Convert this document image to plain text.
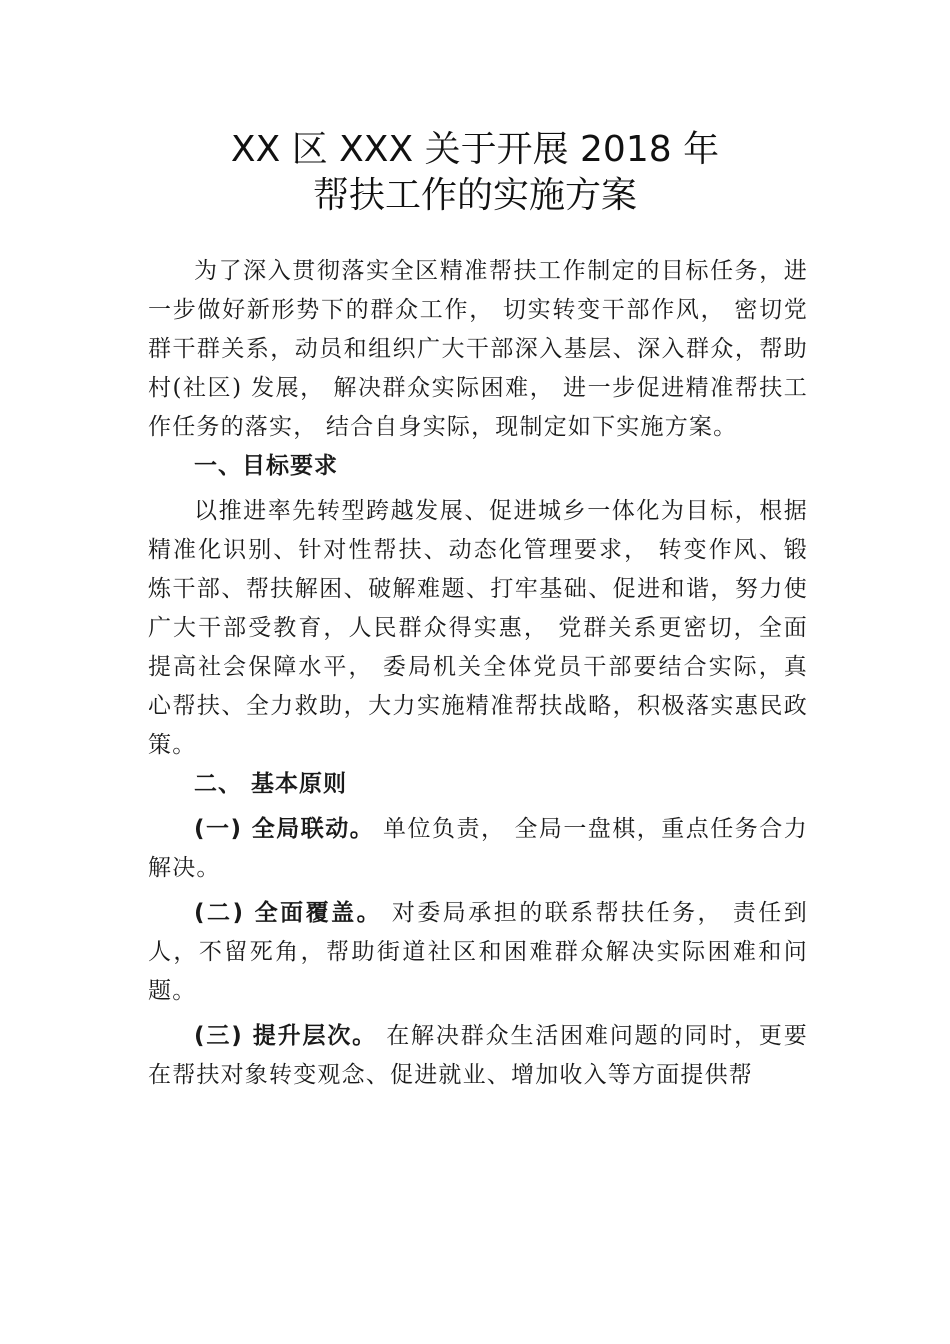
XX 区 XXX 关于开展 2018 年
帮扶工作的实施方案

为了深入贯彻落实全区精准帮扶工作制定的目标任务，进一步做好新形势下的群众工作， 切实转变干部作风， 密切党群干群关系，动员和组织广大干部深入基层、深入群众，帮助村(社区) 发展， 解决群众实际困难， 进一步促进精准帮扶工作任务的落实， 结合自身实际，现制定如下实施方案。

一、目标要求

以推进率先转型跨越发展、促进城乡一体化为目标，根据精准化识别、针对性帮扶、动态化管理要求， 转变作风、锻炼干部、帮扶解困、破解难题、打牢基础、促进和谐，努力使广大干部受教育，人民群众得实惠， 党群关系更密切，全面提高社会保障水平， 委局机关全体党员干部要结合实际，真心帮扶、全力救助，大力实施精准帮扶战略，积极落实惠民政策。

二、 基本原则

(一) 全局联动。 单位负责， 全局一盘棋，重点任务合力解决。

(二) 全面覆盖。 对委局承担的联系帮扶任务， 责任到人，不留死角，帮助街道社区和困难群众解决实际困难和问题。

(三) 提升层次。 在解决群众生活困难问题的同时，更要在帮扶对象转变观念、促进就业、增加收入等方面提供帮
